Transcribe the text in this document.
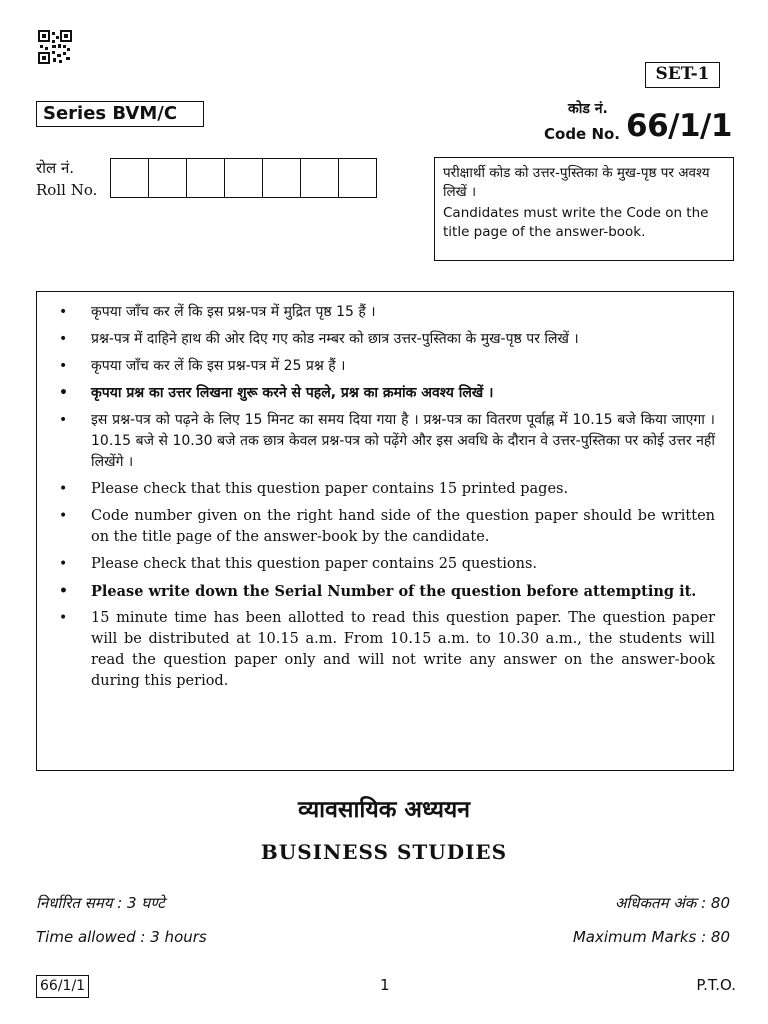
SET-1
Series BVM/C	कोड नं.
Code No. 66/1/1
रोल नं.
Roll No.

परीक्षार्थी कोड को उत्तर-पुस्तिका के मुख-पृष्ठ पर अवश्य लिखें ।

Candidates must write the Code on the title page of the answer-book.

• कृपया जाँच कर लें कि इस प्रश्न-पत्र में मुद्रित पृष्ठ 15 हैं ।
• प्रश्न-पत्र में दाहिने हाथ की ओर दिए गए कोड नम्बर को छात्र उत्तर-पुस्तिका के मुख-पृष्ठ पर लिखें ।
• कृपया जाँच कर लें कि इस प्रश्न-पत्र में 25 प्रश्न हैं ।
• कृपया प्रश्न का उत्तर लिखना शुरू करने से पहले, प्रश्न का क्रमांक अवश्य लिखें ।
• इस प्रश्न-पत्र को पढ़ने के लिए 15 मिनट का समय दिया गया है । प्रश्न-पत्र का वितरण पूर्वाह्न में 10.15 बजे किया जाएगा । 10.15 बजे से 10.30 बजे तक छात्र केवल प्रश्न-पत्र को पढ़ेंगे और इस अवधि के दौरान वे उत्तर-पुस्तिका पर कोई उत्तर नहीं लिखेंगे ।
• Please check that this question paper contains 15 printed pages.
• Code number given on the right hand side of the question paper should be written on the title page of the answer-book by the candidate.
• Please check that this question paper contains 25 questions.
• Please write down the Serial Number of the question before attempting it.
• 15 minute time has been allotted to read this question paper. The question paper will be distributed at 10.15 a.m. From 10.15 a.m. to 10.30 a.m., the students will read the question paper only and will not write any answer on the answer-book during this period.
व्यावसायिक अध्ययन
BUSINESS STUDIES
निर्धारित समय : 3 घण्टे	अधिकतम अंक : 80
Time allowed : 3 hours	Maximum Marks : 80
66/1/1	1	P.T.O.
